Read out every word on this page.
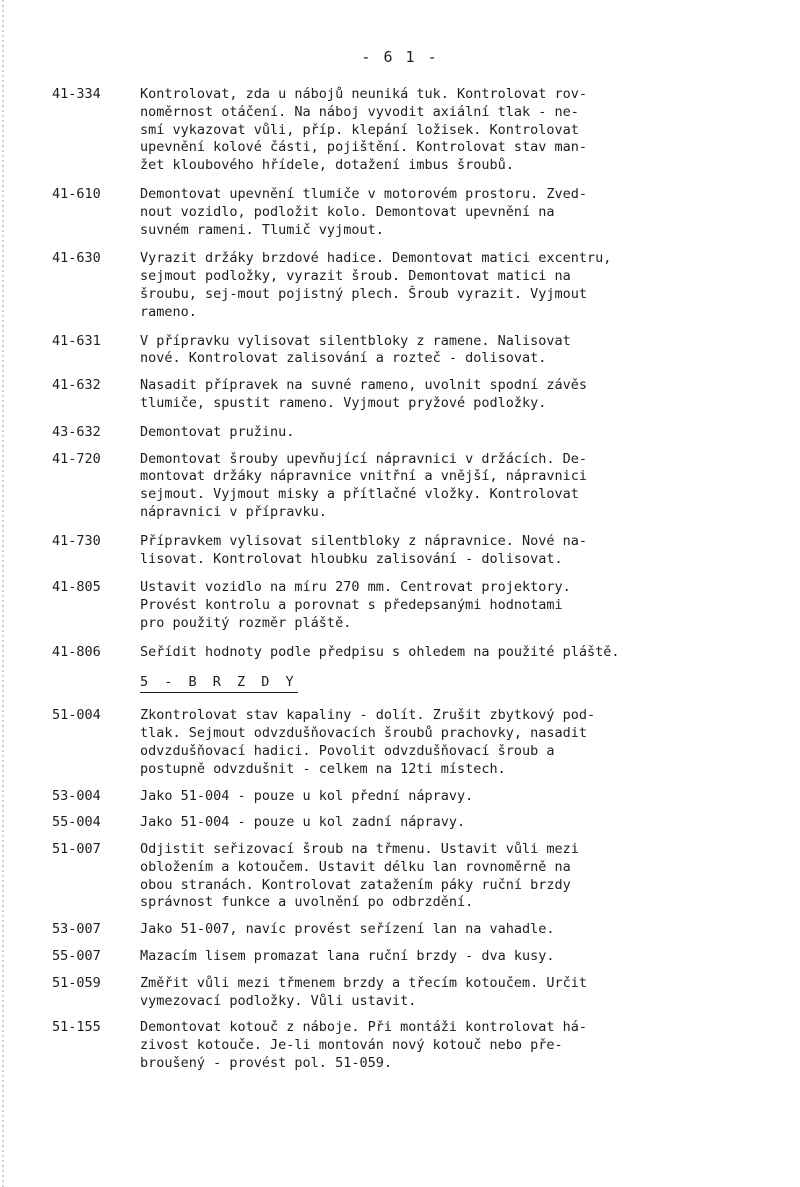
- 6 1 -
41-334	Kontrolovat, zda u nábojů neuniká tuk. Kontrolovat rov-
noměrnost otáčení. Na náboj vyvodit axiální tlak - ne-
smí vykazovat vůli, příp. klepání ložisek. Kontrolovat
upevnění kolové části, pojištění. Kontrolovat stav man-
žet kloubového hřídele, dotažení imbus šroubů.
41-610	Demontovat upevnění tlumiče v motorovém prostoru. Zved-
nout vozidlo, podložit kolo. Demontovat upevnění na
suvném rameni. Tlumič vyjmout.
41-630	Vyrazit držáky brzdové hadice. Demontovat matici excentru,
sejmout podložky, vyrazit šroub. Demontovat matici na
šroubu, sej-mout pojistný plech. Šroub vyrazit. Vyjmout
rameno.
41-631	V přípravku vylisovat silentbloky z ramene. Nalisovat
nové. Kontrolovat zalisování a rozteč - dolisovat.
41-632	Nasadit přípravek na suvné rameno, uvolnit spodní závěs
tlumiče, spustit rameno. Vyjmout pryžové podložky.
43-632	Demontovat pružinu.
41-720	Demontovat šrouby upevňující nápravnici v držácích. De-
montovat držáky nápravnice vnitřní a vnější, nápravnici
sejmout. Vyjmout misky a přítlačné vložky. Kontrolovat
nápravnici v přípravku.
41-730	Přípravkem vylisovat silentbloky z nápravnice. Nové na-
lisovat. Kontrolovat hloubku zalisování - dolisovat.
41-805	Ustavit vozidlo na míru 270 mm. Centrovat projektory.
Provést kontrolu a porovnat s předepsanými hodnotami
pro použitý rozměr pláště.
41-806	Seřídit hodnoty podle předpisu s ohledem na použité pláště.
5 - B R Z D Y
51-004	Zkontrolovat stav kapaliny - dolít. Zrušit zbytkový pod-
tlak. Sejmout odvzdušňovacích šroubů prachovky, nasadit
odvzdušňovací hadici. Povolit odvzdušňovací šroub a
postupně odvzdušnit - celkem na 12ti místech.
53-004	Jako 51-004 - pouze u kol přední nápravy.
55-004	Jako 51-004 - pouze u kol zadní nápravy.
51-007	Odjistit seřizovací šroub na třmenu. Ustavit vůli mezi
obložením a kotoučem. Ustavit délku lan rovnoměrně na
obou stranách. Kontrolovat zatažením páky ruční brzdy
správnost funkce a uvolnění po odbrzdění.
53-007	Jako 51-007, navíc provést seřízení lan na vahadle.
55-007	Mazacím lisem promazat lana ruční brzdy - dva kusy.
51-059	Změřit vůli mezi třmenem brzdy a třecím kotoučem. Určit
vymezovací podložky. Vůli ustavit.
51-155	Demontovat kotouč z náboje. Při montáži kontrolovat há-
zivost kotouče. Je-li montován nový kotouč nebo pře-
broušený - provést pol. 51-059.
